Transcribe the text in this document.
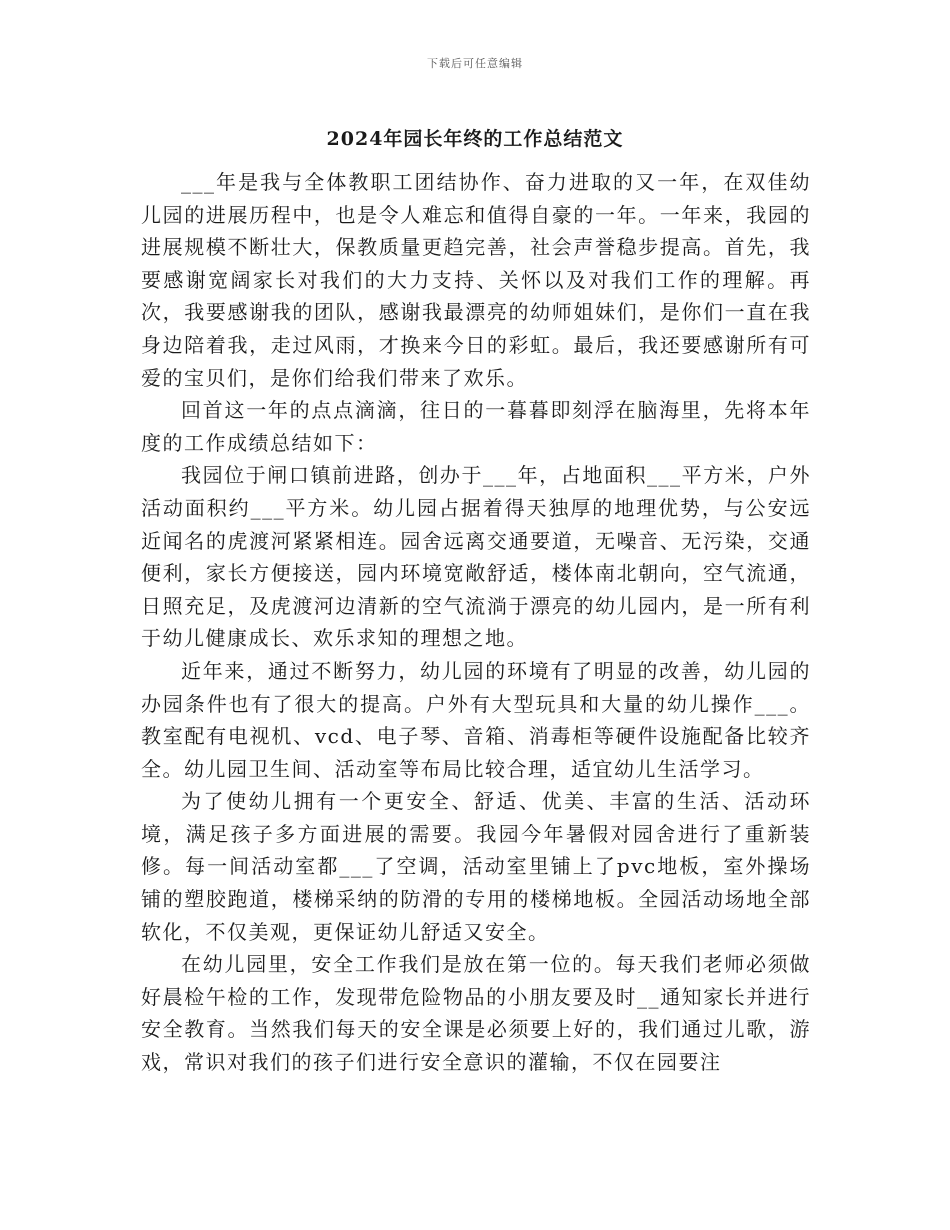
下载后可任意编辑
2024年园长年终的工作总结范文

___年是我与全体教职工团结协作、奋力进取的又一年，在双佳幼儿园的进展历程中，也是令人难忘和值得自豪的一年。一年来，我园的进展规模不断壮大，保教质量更趋完善，社会声誉稳步提高。首先，我要感谢宽阔家长对我们的大力支持、关怀以及对我们工作的理解。再次，我要感谢我的团队，感谢我最漂亮的幼师姐妹们，是你们一直在我身边陪着我，走过风雨，才换来今日的彩虹。最后，我还要感谢所有可爱的宝贝们，是你们给我们带来了欢乐。

回首这一年的点点滴滴，往日的一暮暮即刻浮在脑海里，先将本年度的工作成绩总结如下：

我园位于闸口镇前进路，创办于___年，占地面积___平方米，户外活动面积约___平方米。幼儿园占据着得天独厚的地理优势，与公安远近闻名的虎渡河紧紧相连。园舍远离交通要道，无噪音、无污染，交通便利，家长方便接送，园内环境宽敞舒适，楼体南北朝向，空气流通，日照充足，及虎渡河边清新的空气流淌于漂亮的幼儿园内，是一所有利于幼儿健康成长、欢乐求知的理想之地。

近年来，通过不断努力，幼儿园的环境有了明显的改善，幼儿园的办园条件也有了很大的提高。户外有大型玩具和大量的幼儿操作___。教室配有电视机、vcd、电子琴、音箱、消毒柜等硬件设施配备比较齐全。幼儿园卫生间、活动室等布局比较合理，适宜幼儿生活学习。

为了使幼儿拥有一个更安全、舒适、优美、丰富的生活、活动环境，满足孩子多方面进展的需要。我园今年暑假对园舍进行了重新装修。每一间活动室都___了空调，活动室里铺上了pvc地板，室外操场铺的塑胶跑道，楼梯采纳的防滑的专用的楼梯地板。全园活动场地全部软化，不仅美观，更保证幼儿舒适又安全。

在幼儿园里，安全工作我们是放在第一位的。每天我们老师必须做好晨检午检的工作，发现带危险物品的小朋友要及时__通知家长并进行安全教育。当然我们每天的安全课是必须要上好的，我们通过儿歌，游戏，常识对我们的孩子们进行安全意识的灌输，不仅在园要注
